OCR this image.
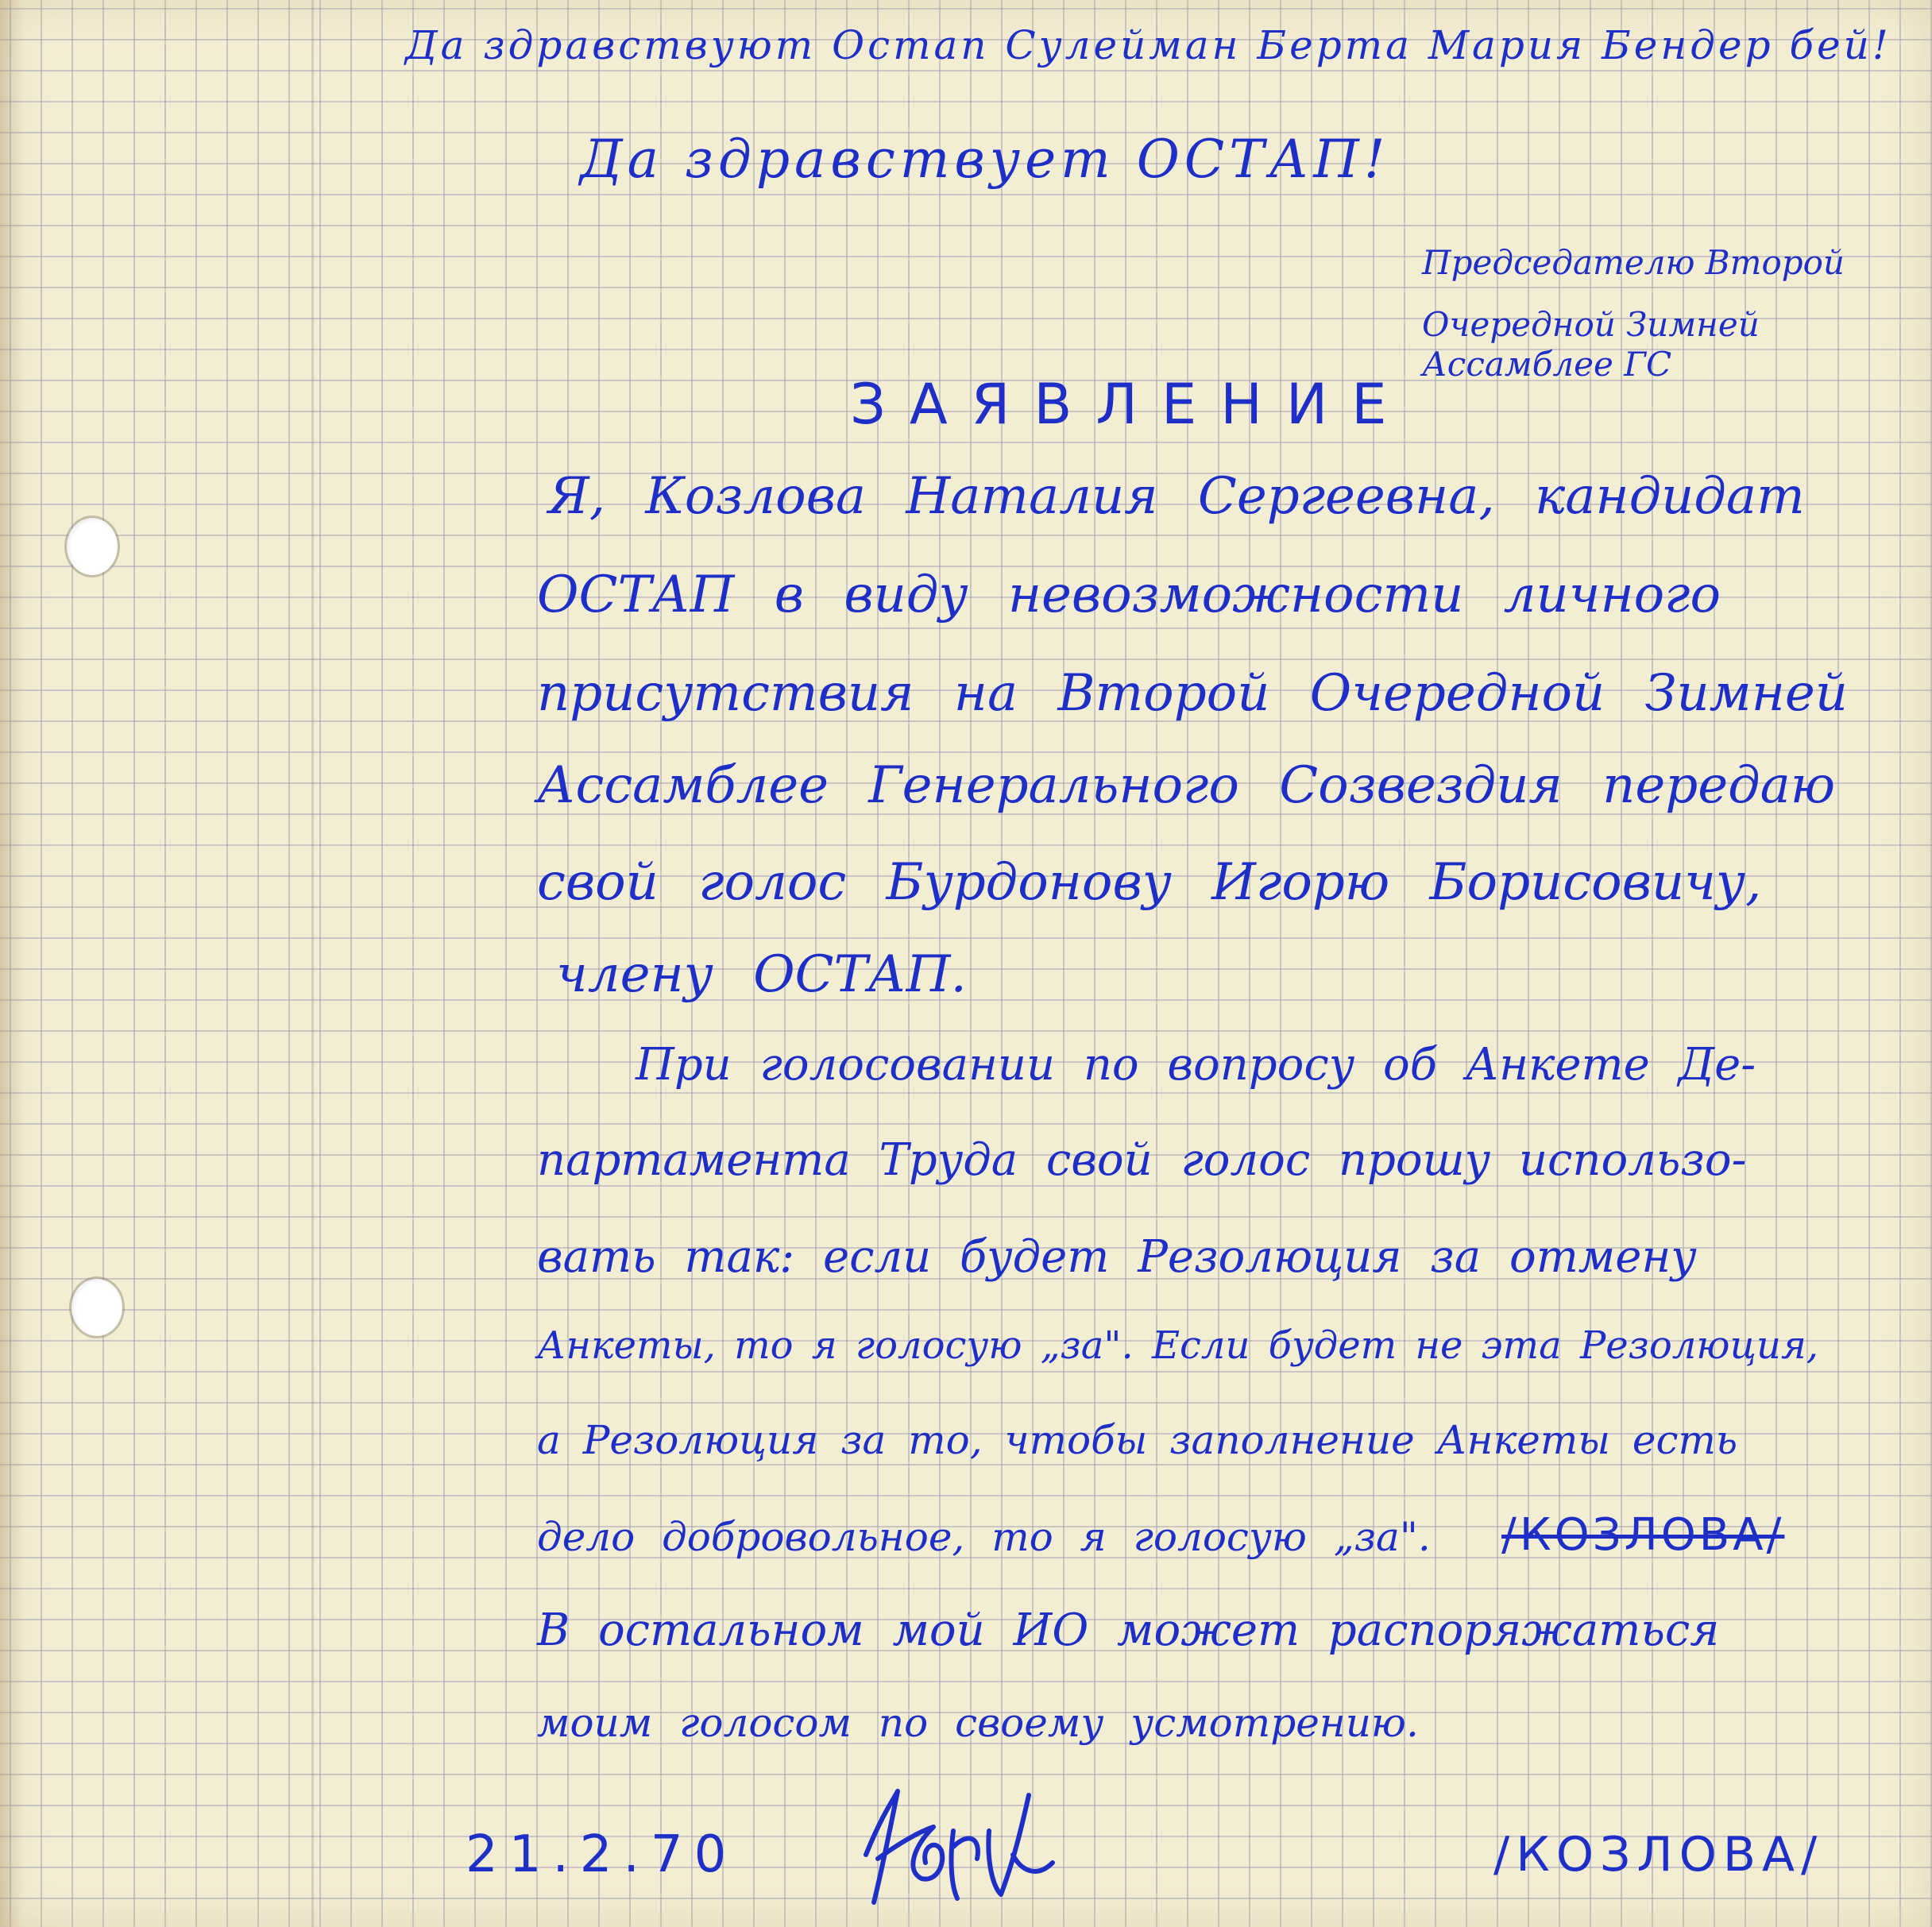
Да здравствуют Остап Сулейман Берта Мария Бендер бей!

Да здравствует ОСТАП!

Председателю Второй

Очередной Зимней

Ассамблее ГС

ЗАЯВЛЕНИЕ

Я, Козлова Наталия Сергеевна, кандидат

ОСТАП в виду невозможности личного

присутствия на Второй Очередной Зимней

Ассамблее Генерального Созвездия передаю

свой голос Бурдонову Игорю Борисовичу,

члену ОСТАП.

При голосовании по вопросу об Анкете Де-

партамента Труда свой голос прошу использо-

вать так: если будет Резолюция за отмену

Анкеты, то я голосую „за". Если будет не эта Резолюция,

а Резолюция за то, чтобы заполнение Анкеты есть

дело добровольное, то я голосую „за". /КОЗЛОВА/

В остальном мой ИО может распоряжаться

моим голосом по своему усмотрению.

21.2.70	/КОЗЛОВА/
